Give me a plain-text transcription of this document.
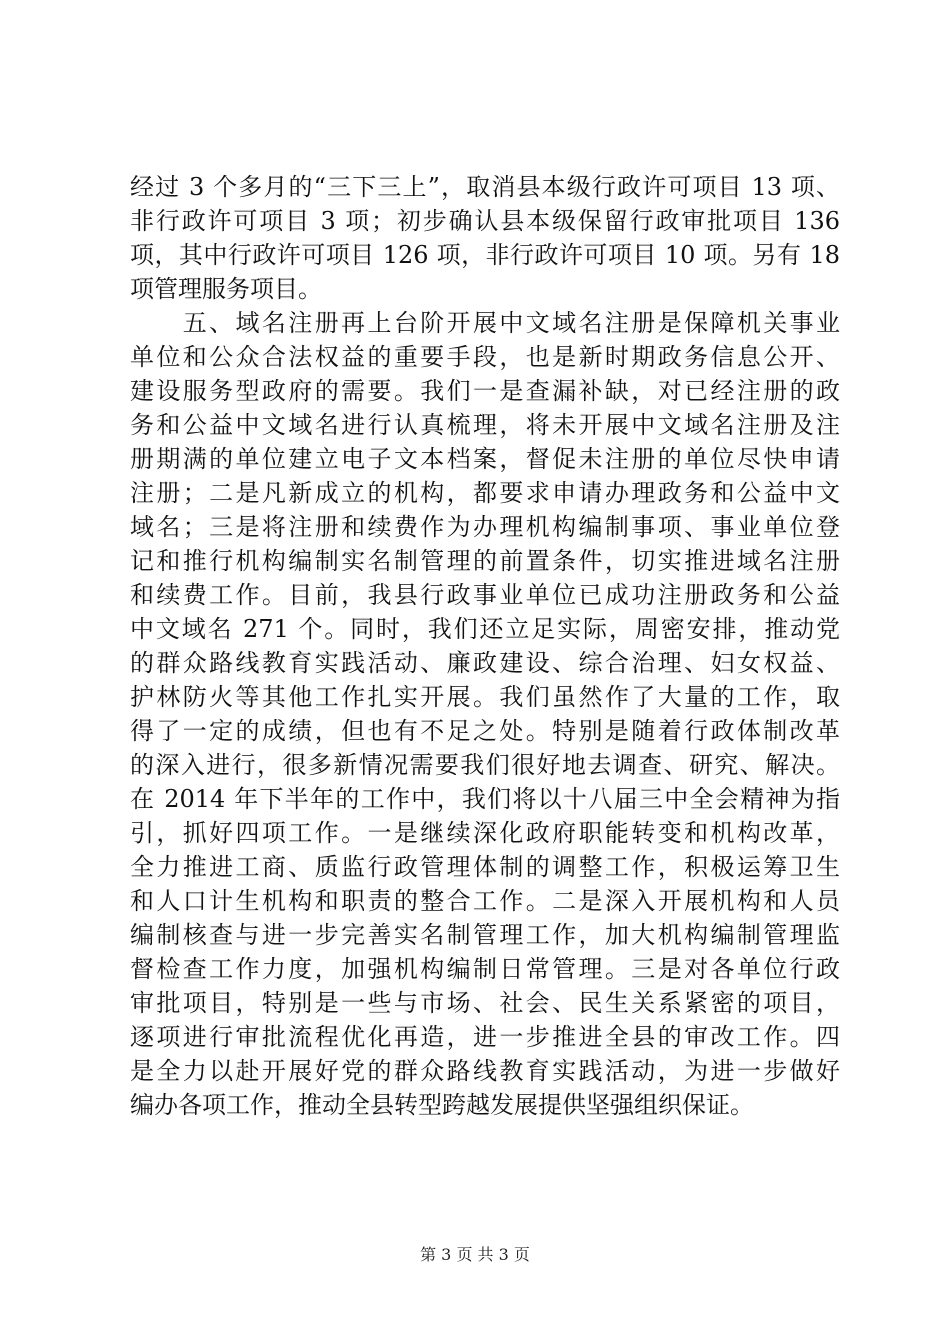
经过 3 个多月的“三下三上”，取消县本级行政许可项目 13 项、
非行政许可项目 3 项；初步确认县本级保留行政审批项目 136
项，其中行政许可项目 126 项，非行政许可项目 10 项。另有 18
项管理服务项目。
　　五、域名注册再上台阶开展中文域名注册是保障机关事业
单位和公众合法权益的重要手段，也是新时期政务信息公开、
建设服务型政府的需要。我们一是查漏补缺，对已经注册的政
务和公益中文域名进行认真梳理，将未开展中文域名注册及注
册期满的单位建立电子文本档案，督促未注册的单位尽快申请
注册；二是凡新成立的机构，都要求申请办理政务和公益中文
域名；三是将注册和续费作为办理机构编制事项、事业单位登
记和推行机构编制实名制管理的前置条件，切实推进域名注册
和续费工作。目前，我县行政事业单位已成功注册政务和公益
中文域名 271 个。同时，我们还立足实际，周密安排，推动党
的群众路线教育实践活动、廉政建设、综合治理、妇女权益、
护林防火等其他工作扎实开展。我们虽然作了大量的工作，取
得了一定的成绩，但也有不足之处。特别是随着行政体制改革
的深入进行，很多新情况需要我们很好地去调查、研究、解决。
在 2014 年下半年的工作中，我们将以十八届三中全会精神为指
引，抓好四项工作。一是继续深化政府职能转变和机构改革，
全力推进工商、质监行政管理体制的调整工作，积极运筹卫生
和人口计生机构和职责的整合工作。二是深入开展机构和人员
编制核查与进一步完善实名制管理工作，加大机构编制管理监
督检查工作力度，加强机构编制日常管理。三是对各单位行政
审批项目，特别是一些与市场、社会、民生关系紧密的项目，
逐项进行审批流程优化再造，进一步推进全县的审改工作。四
是全力以赴开展好党的群众路线教育实践活动，为进一步做好
编办各项工作，推动全县转型跨越发展提供坚强组织保证。
第 3 页 共 3 页
